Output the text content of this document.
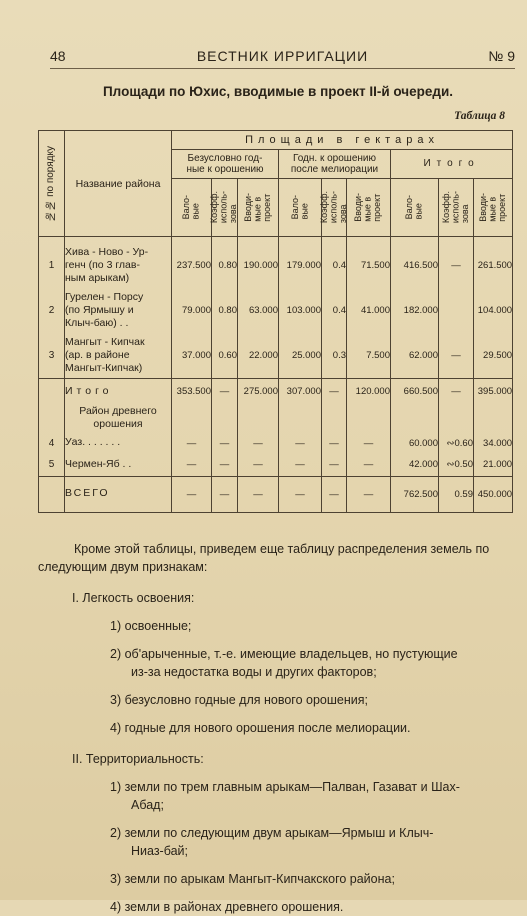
48	ВЕСТНИК ИРРИГАЦИИ	№ 9
Площади по Юхис, вводимые в проект II-й очереди.
Таблица 8
№№ по порядку	Название района	Площади в гектарах								
		Безусловно год-
ные к орошению			Годн. к орошению
после мелиорации			Итого		

		Вало-
вые	Коэфф.
исполь-
зова	Вводи-
мые в
проект	Вало-
вые	Коэфф.
исполь-
зова	Вводи-
мые в
проект	Вало-
вые	Коэфф.
исполь-
зова	Вводи-
мые в
проект

1	Хива - Ново - Ур-
генч (по 3 глав-
ным арыкам)	237.500	0.80	190.000	179.000	0.4	71.500	416.500	—	261.500
2	Гурелен - Порсу
(по Ярмышу и
Клыч-баю) . .	79.000	0.80	63.000	103.000	0.4	41.000	182.000		104.000
3	Мангыт - Кипчак
(ар. в районе
Мангыт-Кипчак)	37.000	0.60	22.000	25.000	0.3	7.500	62.000	—	29.500
	Итого	353.500	—	275.000	307.000	—	120.000	660.500	—	395.000
	Район древнего
орошения									
4	Уаз. . . . . . .	—	—	—	—	—	—	60.000	∾0.60	34.000
5	Чермен-Яб . .	—	—	—	—	—	—	42.000	∾0.50	21.000
	ВСЕГО	—	—	—	—	—	—	762.500	0.59	450.000

Кроме этой таблицы, приведем еще таблицу распределения земель по следующим двум признакам:

I. Легкость освоения:

1) освоенные;

2) об'арыченные, т.-е. имеющие владельцев, но пустующие

из-за недостатка воды и других факторов;

3) безусловно годные для нового орошения;

4) годные для нового орошения после мелиорации.

II. Территориальность:

1) земли по трем главным арыкам—Палван, Газават и Шах-

Абад;

2) земли по следующим двум арыкам—Ярмыш и Клыч-

Ниаз-бай;

3) земли по арыкам Мангыт-Кипчакского района;

4) земли в районах древнего орошения.
